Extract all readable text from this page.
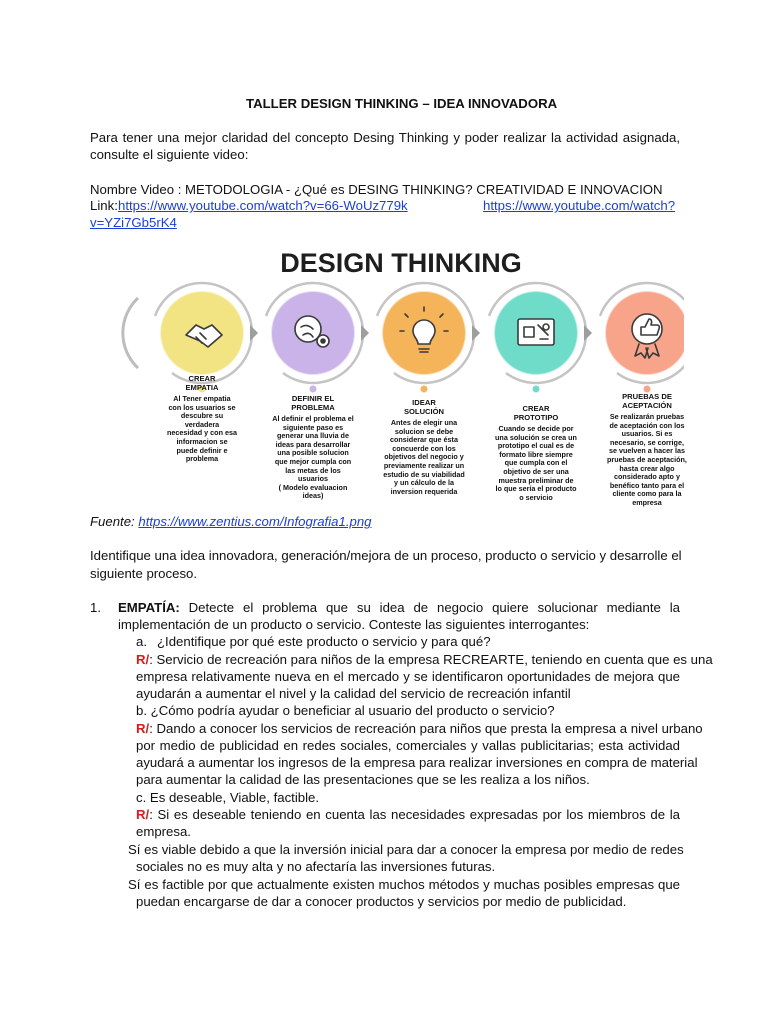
TALLER DESIGN THINKING – IDEA INNOVADORA
Para tener una mejor claridad del concepto Desing Thinking y poder realizar la actividad asignada,
consulte el siguiente video:
Nombre Video : METODOLOGIA - ¿Qué es DESING THINKING? CREATIVIDAD E INNOVACION
Link: https://www.youtube.com/watch?v=66-WoUz779k	https://www.youtube.com/watch?
v=YZi7Gb5rK4
DESIGN THINKING
CREAR
EMPATIA
Al Tener empatia
con los usuarios se
descubre su
verdadera
necesidad y con esa
informacion se
puede definir e
problema
DEFINIR EL
PROBLEMA
Al definir el problema el
siguiente paso es
generar una lluvia de
ideas para desarrollar
una posible solucion
que mejor cumpla con
las metas de los
usuarios
( Modelo evaluacion
ideas)
IDEAR
SOLUCIÓN
Antes de elegir una
solucion se debe
considerar que ésta
concuerde con los
objetivos del negocio y
previamente realizar un
estudio de su viabilidad
y un cálculo de la
inversion requerida
CREAR
PROTOTIPO
Cuando se decide por
una solución se crea un
prototipo el cual es de
formato libre siempre
que cumpla con el
objetivo de ser una
muestra preliminar de
lo que sería el producto
o servicio
PRUEBAS DE
ACEPTACIÓN
Se realizarán pruebas
de aceptación con los
usuarios. Si es
necesario, se corrige,
se vuelven a hacer las
pruebas de aceptación,
hasta crear algo
considerado apto y
benéfico tanto para el
cliente como para la
empresa
Fuente: https://www.zentius.com/Infografia1.png
Identifique una idea innovadora, generación/mejora de un proceso, producto o servicio y desarrolle el
siguiente proceso.
1. EMPATÍA: Detecte el problema que su idea de negocio quiere solucionar mediante la
implementación de un producto o servicio. Conteste las siguientes interrogantes:
a. ¿Identifique por qué este producto o servicio y para qué?
R/: Servicio de recreación para niños de la empresa RECREARTE, teniendo en cuenta que es una
empresa relativamente nueva en el mercado y se identificaron oportunidades de mejora que
ayudarán a aumentar el nivel y la calidad del servicio de recreación infantil
b. ¿Cómo podría ayudar o beneficiar al usuario del producto o servicio?
R/: Dando a conocer los servicios de recreación para niños que presta la empresa a nivel urbano
por medio de publicidad en redes sociales, comerciales y vallas publicitarias; esta actividad
ayudará a aumentar los ingresos de la empresa para realizar inversiones en compra de material
para aumentar la calidad de las presentaciones que se les realiza a los niños.
c. Es deseable, Viable, factible.
R/: Si es deseable teniendo en cuenta las necesidades expresadas por los miembros de la
empresa.
Sí es viable debido a que la inversión inicial para dar a conocer la empresa por medio de redes
sociales no es muy alta y no afectaría las inversiones futuras.
Sí es factible por que actualmente existen muchos métodos y muchas posibles empresas que
puedan encargarse de dar a conocer productos y servicios por medio de publicidad.
